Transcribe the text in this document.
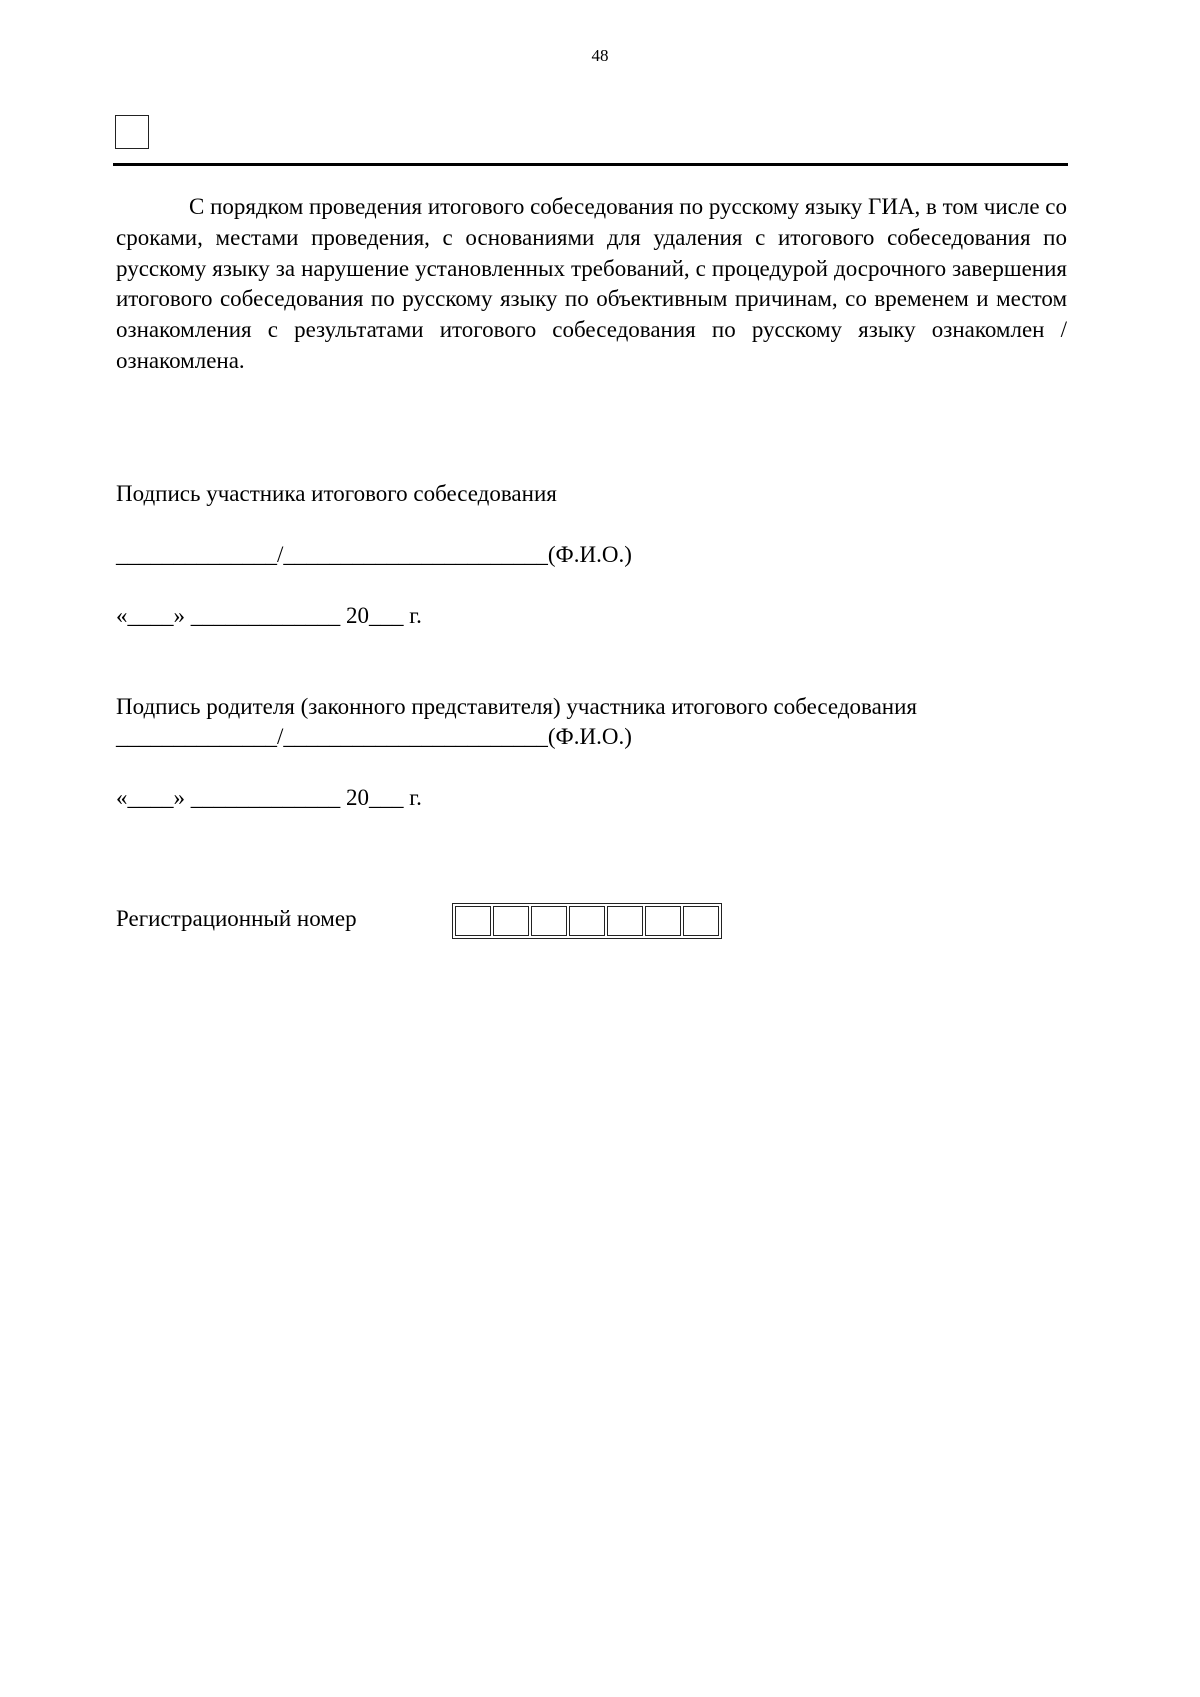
48

С порядком проведения итогового собеседования по русскому языку ГИА, в том числе со сроками, местами проведения, с основаниями для удаления с итогового собеседования по русскому языку за нарушение установленных требований, с процедурой досрочного завершения итогового собеседования по русскому языку по объективным причинам, со временем и местом ознакомления с результатами итогового собеседования по русскому языку ознакомлен /ознакомлена.

Подпись участника итогового собеседования
______________/_______________________(Ф.И.О.)
«____» _____________ 20___ г.
Подпись родителя (законного представителя) участника итогового собеседования
______________/_______________________(Ф.И.О.)
«____» _____________ 20___ г.
Регистрационный номер
